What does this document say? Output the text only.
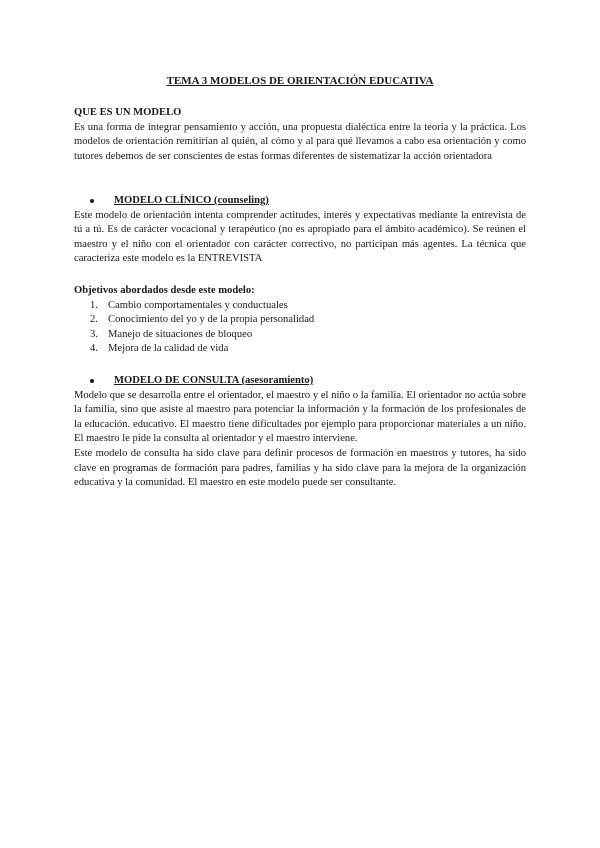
TEMA 3 MODELOS DE ORIENTACIÓN EDUCATIVA

QUE ES UN MODELO

Es una forma de integrar pensamiento y acción, una propuesta dialéctica entre la teoria y la práctica. Los modelos de orientación remitirían al quién, al cómo y al para qué llevamos a cabo esa orientación y como tutores debemos de ser conscientes de estas formas diferentes de sistematizar la acción orientadora

MODELO CLÍNICO (counseling)

Este modelo de orientación intenta comprender actitudes, interés y expectativas mediante la entrevista de tú a tú. Es de carácter vocacional y terapéutico (no es apropiado para el ámbito académico). Se reúnen el maestro y el niño con el orientador con carácter correctivo, no participan más agentes. La técnica que caracteriza este modelo es la ENTREVISTA

Objetivos abordados desde este modelo:

1. Cambio comportamentales y conductuales
2. Conocimiento del yo y de la propia personalidad
3. Manejo de situaciones de bloqueo
4. Mejora de la calidad de vida
MODELO DE CONSULTA (asesoramiento)

Modelo que se desarrolla entre el orientador, el maestro y el niño o la familia. El orientador no actúa sobre la familia, sino que asiste al maestro para potenciar la información y la formación de los profesionales de la educación. educativo. El maestro tiene dificultades por ejemplo para proporcionar materiales a un niño. El maestro le pide la consulta al orientador y el maestro interviene.

Este modelo de consulta ha sido clave para definir procesos de formación en maestros y tutores, ha sido clave en programas de formación para padres, familias y ha sido clave para la mejora de la organización educativa y la comunidad. El maestro en este modelo puede ser consultante.
